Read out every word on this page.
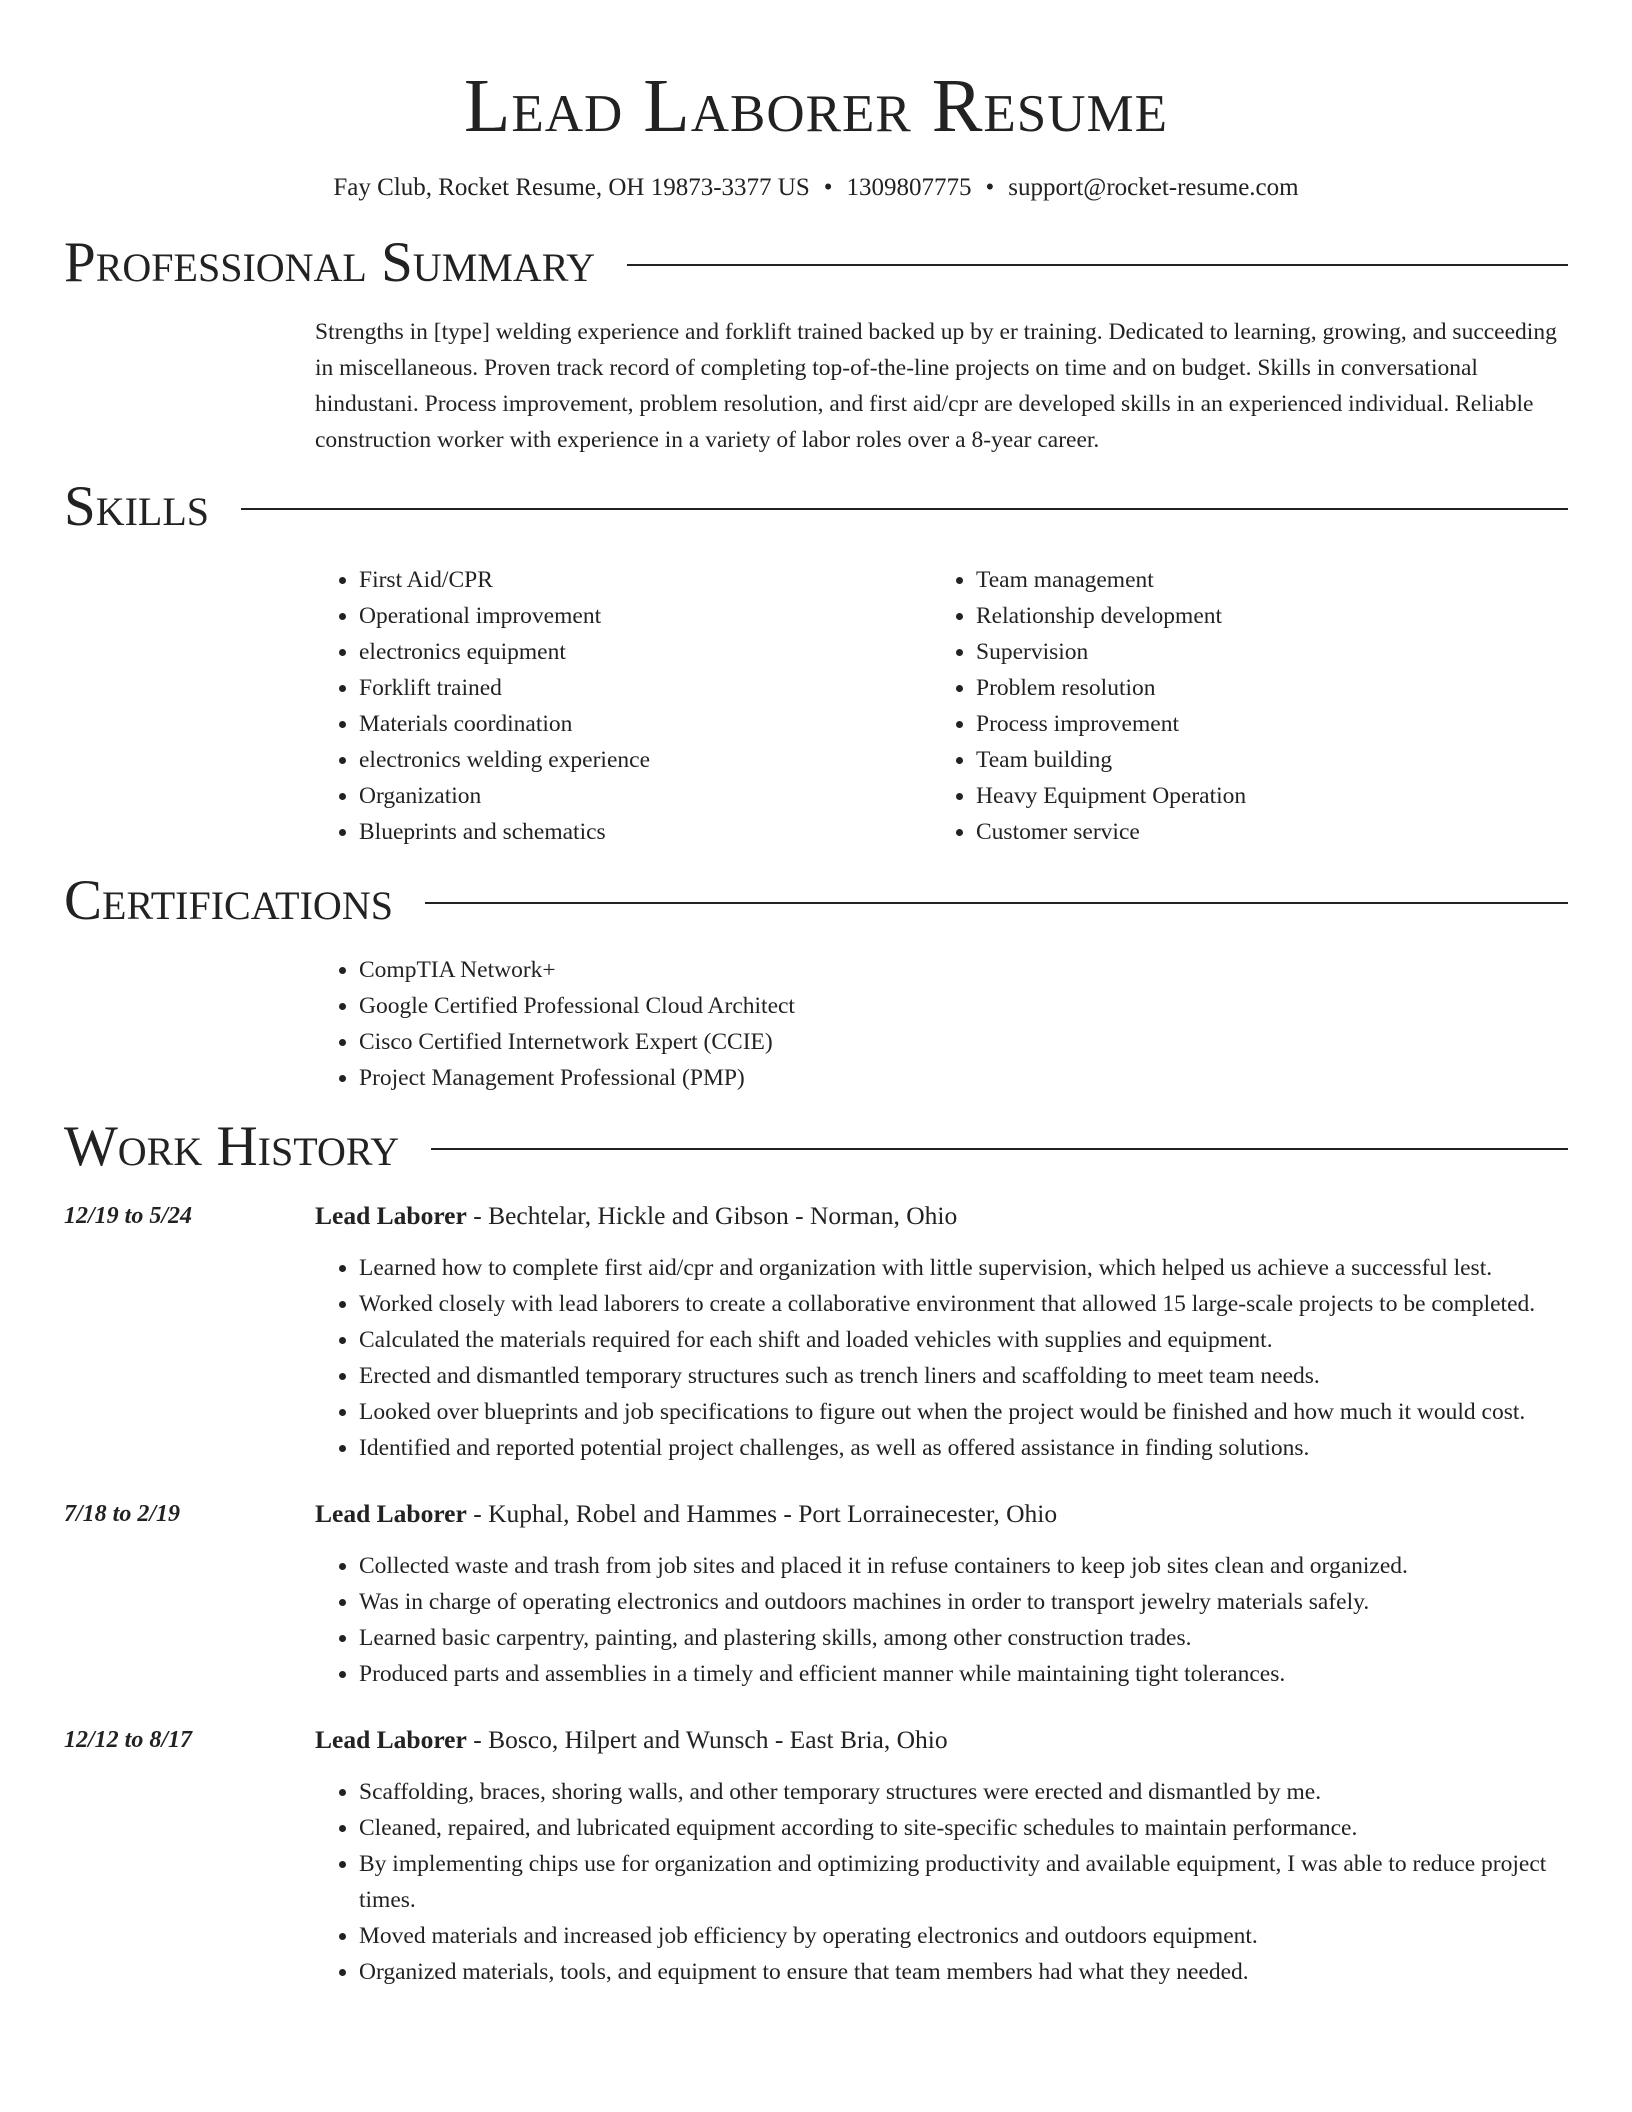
Lead Laborer Resume
Fay Club, Rocket Resume, OH 19873-3377 US • 1309807775 • support@rocket-resume.com
Professional Summary
Strengths in [type] welding experience and forklift trained backed up by er training. Dedicated to learning, growing, and succeeding in miscellaneous. Proven track record of completing top-of-the-line projects on time and on budget. Skills in conversational hindustani. Process improvement, problem resolution, and first aid/cpr are developed skills in an experienced individual. Reliable construction worker with experience in a variety of labor roles over a 8-year career.
Skills
• First Aid/CPR
• Operational improvement
• electronics equipment
• Forklift trained
• Materials coordination
• electronics welding experience
• Organization
• Blueprints and schematics
• Team management
• Relationship development
• Supervision
• Problem resolution
• Process improvement
• Team building
• Heavy Equipment Operation
• Customer service
Certifications
• CompTIA Network+
• Google Certified Professional Cloud Architect
• Cisco Certified Internetwork Expert (CCIE)
• Project Management Professional (PMP)
Work History
12/19 to 5/24	Lead Laborer - Bechtelar, Hickle and Gibson - Norman, Ohio
• Learned how to complete first aid/cpr and organization with little supervision, which helped us achieve a successful lest.
• Worked closely with lead laborers to create a collaborative environment that allowed 15 large-scale projects to be completed.
• Calculated the materials required for each shift and loaded vehicles with supplies and equipment.
• Erected and dismantled temporary structures such as trench liners and scaffolding to meet team needs.
• Looked over blueprints and job specifications to figure out when the project would be finished and how much it would cost.
• Identified and reported potential project challenges, as well as offered assistance in finding solutions.
7/18 to 2/19	Lead Laborer - Kuphal, Robel and Hammes - Port Lorrainecester, Ohio
• Collected waste and trash from job sites and placed it in refuse containers to keep job sites clean and organized.
• Was in charge of operating electronics and outdoors machines in order to transport jewelry materials safely.
• Learned basic carpentry, painting, and plastering skills, among other construction trades.
• Produced parts and assemblies in a timely and efficient manner while maintaining tight tolerances.
12/12 to 8/17	Lead Laborer - Bosco, Hilpert and Wunsch - East Bria, Ohio
• Scaffolding, braces, shoring walls, and other temporary structures were erected and dismantled by me.
• Cleaned, repaired, and lubricated equipment according to site-specific schedules to maintain performance.
• By implementing chips use for organization and optimizing productivity and available equipment, I was able to reduce project times.
• Moved materials and increased job efficiency by operating electronics and outdoors equipment.
• Organized materials, tools, and equipment to ensure that team members had what they needed.
